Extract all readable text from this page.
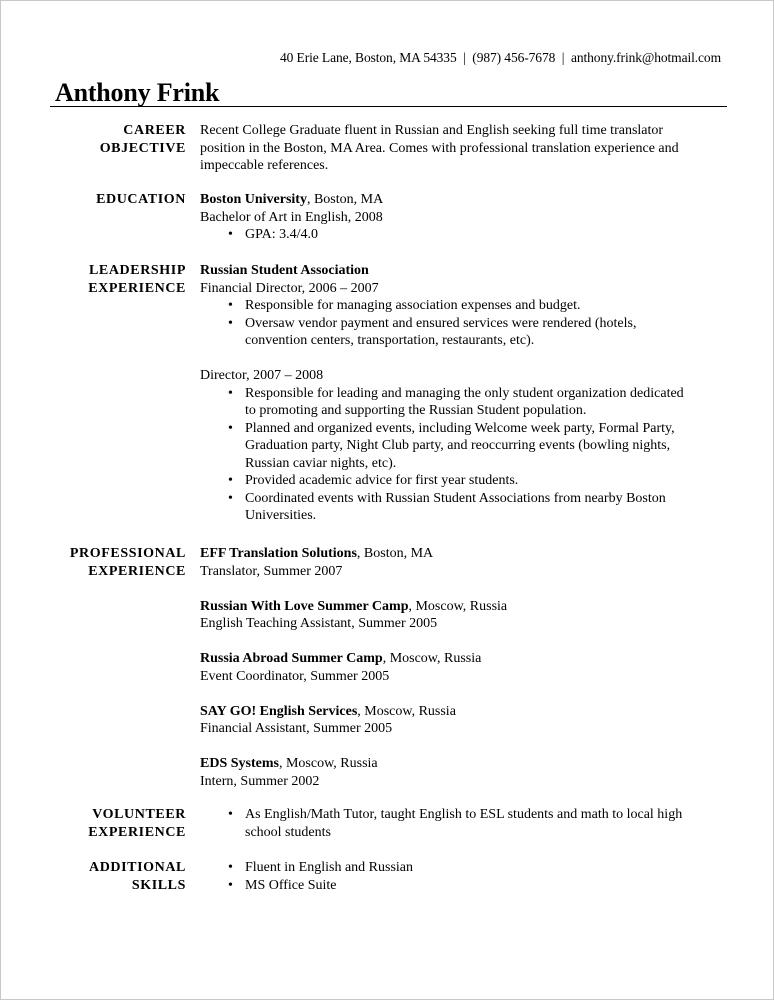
40 Erie Lane, Boston, MA 54335  |  (987) 456-7678  |  anthony.frink@hotmail.com
Anthony Frink
CAREER
OBJECTIVE
Recent College Graduate fluent in Russian and English seeking full time translator
position in the Boston, MA Area. Comes with professional translation experience and
impeccable references.
EDUCATION Boston University, Boston, MA
Bachelor of Art in English, 2008
• GPA: 3.4/4.0
LEADERSHIP
EXPERIENCE
Russian Student Association
Financial Director, 2006 – 2007
• Responsible for managing association expenses and budget.
• Oversaw vendor payment and ensured services were rendered (hotels,
convention centers, transportation, restaurants, etc).
Director, 2007 – 2008
• Responsible for leading and managing the only student organization dedicated
to promoting and supporting the Russian Student population.
• Planned and organized events, including Welcome week party, Formal Party,
Graduation party, Night Club party, and reoccurring events (bowling nights,
Russian caviar nights, etc).
• Provided academic advice for first year students.
• Coordinated events with Russian Student Associations from nearby Boston
Universities.
PROFESSIONAL
EXPERIENCE
EFF Translation Solutions, Boston, MA
Translator, Summer 2007
Russian With Love Summer Camp, Moscow, Russia
English Teaching Assistant, Summer 2005
Russia Abroad Summer Camp, Moscow, Russia
Event Coordinator, Summer 2005
SAY GO! English Services, Moscow, Russia
Financial Assistant, Summer 2005
EDS Systems, Moscow, Russia
Intern, Summer 2002
VOLUNTEER
EXPERIENCE
• As English/Math Tutor, taught English to ESL students and math to local high
school students
ADDITIONAL
SKILLS
• Fluent in English and Russian
• MS Office Suite
